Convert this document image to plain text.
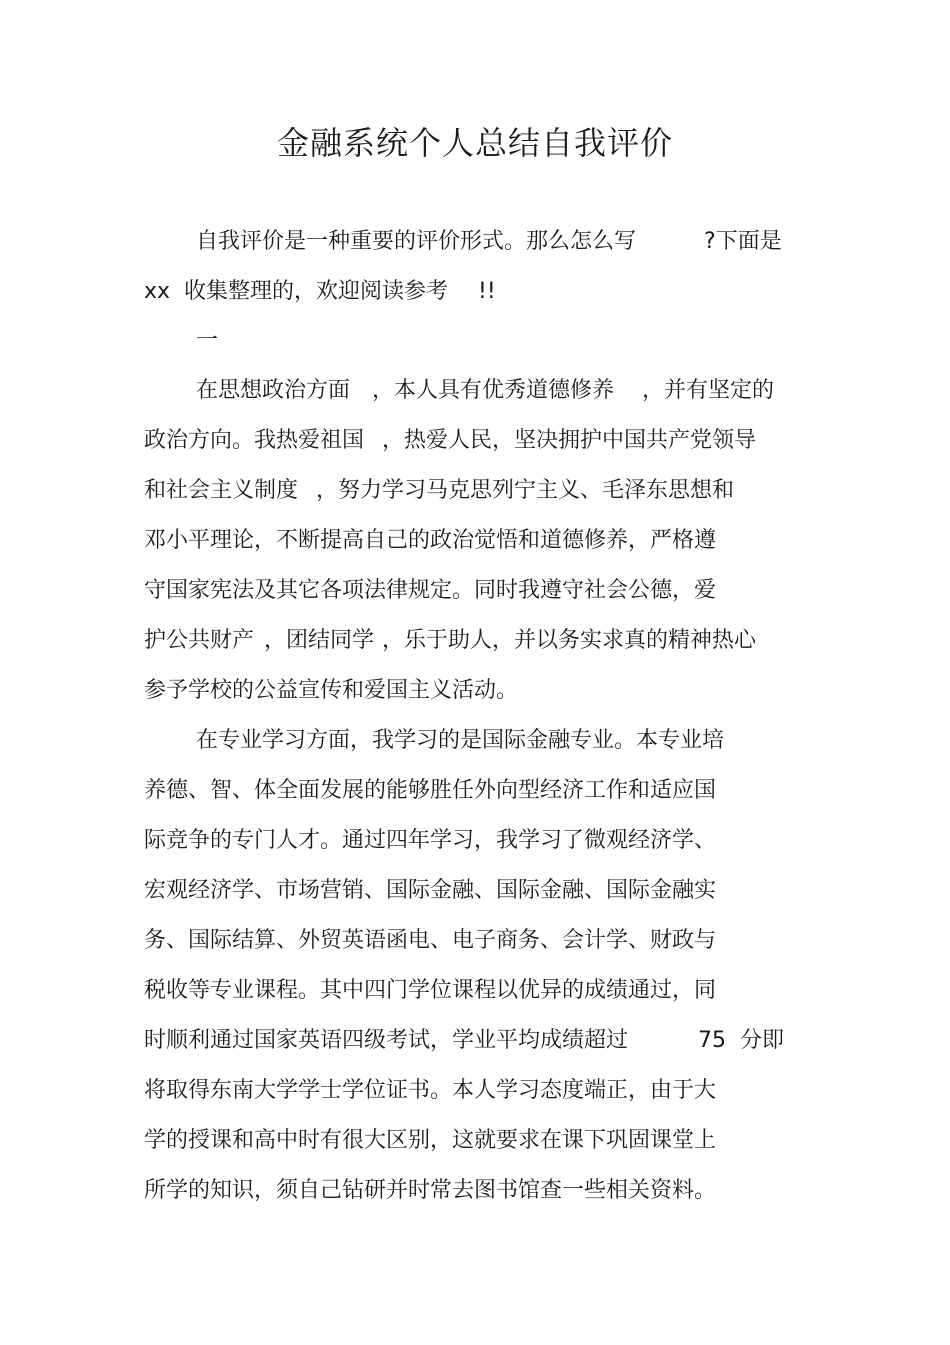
金融系统个人总结自我评价
自我评价是一种重要的评价形式。那么怎么写	?下面是
xx  收集整理的，欢迎阅读参考 !!
一
在思想政治方面 ，本人具有优秀道德修养 ，并有坚定的
政治方向。我热爱祖国 ，热爱人民，坚决拥护中国共产党领导
和社会主义制度 ，努力学习马克思列宁主义、毛泽东思想和
邓小平理论，不断提高自己的政治觉悟和道德修养，严格遵
守国家宪法及其它各项法律规定。同时我遵守社会公德，爱
护公共财产 ，团结同学 ，乐于助人，并以务实求真的精神热心
参予学校的公益宣传和爱国主义活动。
在专业学习方面，我学习的是国际金融专业。本专业培
养德、智、体全面发展的能够胜任外向型经济工作和适应国
际竞争的专门人才。通过四年学习，我学习了微观经济学、
宏观经济学、市场营销、国际金融、国际金融、国际金融实
务、国际结算、外贸英语函电、电子商务、会计学、财政与
税收等专业课程。其中四门学位课程以优异的成绩通过，同
时顺利通过国家英语四级考试，学业平均成绩超过	75 分即
将取得东南大学学士学位证书。本人学习态度端正，由于大
学的授课和高中时有很大区别，这就要求在课下巩固课堂上
所学的知识，须自己钻研并时常去图书馆查一些相关资料。
